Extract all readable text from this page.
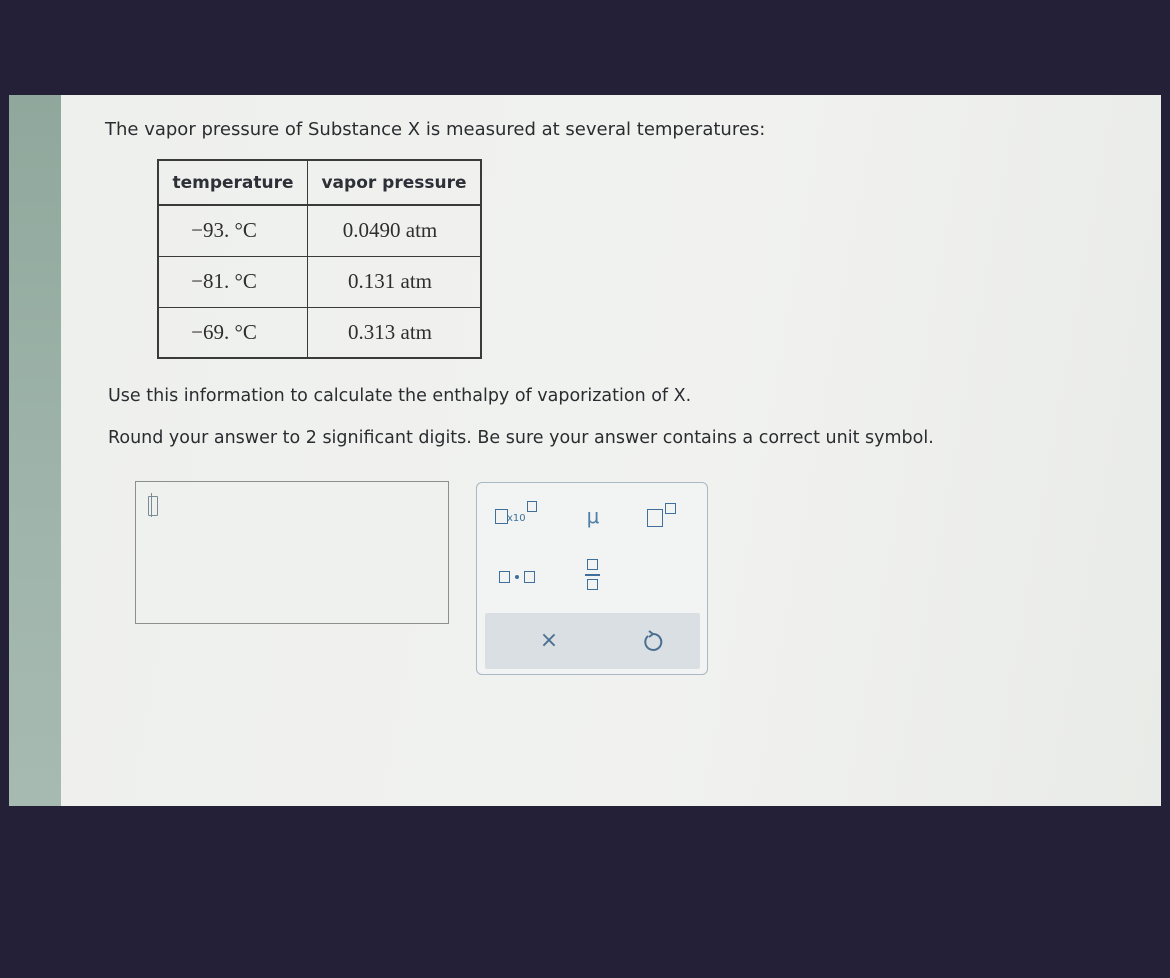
The vapor pressure of Substance X is measured at several temperatures:
temperature	vapor pressure
−93. °C	0.0490 atm
−81. °C	0.131 atm
−69. °C	0.313 atm
Use this information to calculate the enthalpy of vaporization of X.
Round your answer to 2 significant digits. Be sure your answer contains a correct unit symbol.
x10	μ
×
